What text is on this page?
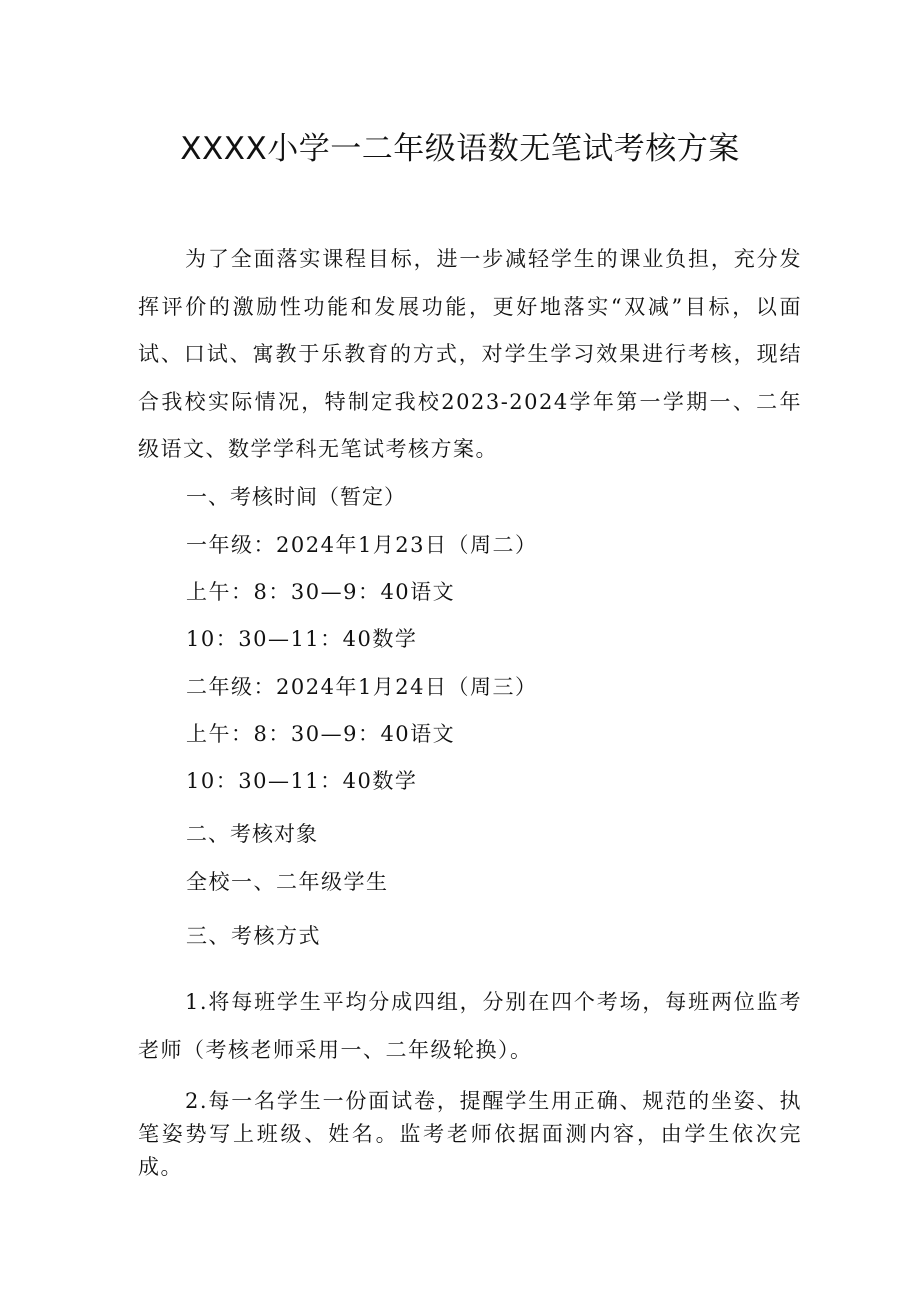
XXXX小学一二年级语数无笔试考核方案

为了全面落实课程目标，进一步减轻学生的课业负担，充分发挥评价的激励性功能和发展功能，更好地落实“双减”目标，以面试、口试、寓教于乐教育的方式，对学生学习效果进行考核，现结合我校实际情况，特制定我校2023-2024学年第一学期一、二年级语文、数学学科无笔试考核方案。

一、考核时间（暂定）

一年级：2024年1月23日（周二）

上午：8：30—9：40语文

10：30—11：40数学

二年级：2024年1月24日（周三）

上午：8：30—9：40语文

10：30—11：40数学

二、考核对象

全校一、二年级学生

三、考核方式

1.将每班学生平均分成四组，分别在四个考场，每班两位监考老师（考核老师采用一、二年级轮换）。

2.每一名学生一份面试卷，提醒学生用正确、规范的坐姿、执笔姿势写上班级、姓名。监考老师依据面测内容，由学生依次完成。
